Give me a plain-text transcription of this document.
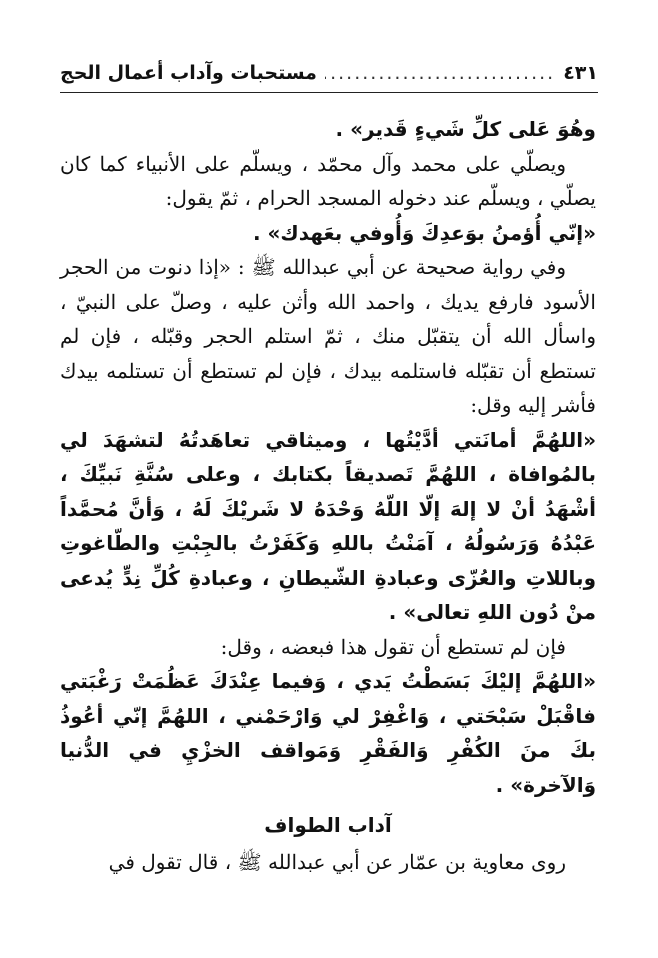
مستحبات وآداب أعمال الحج
.....	٤٣١

وهُوَ عَلى كلِّ شَيءٍ قَدير» .

ويصلّي على محمد وآل محمّد ، ويسلّم على الأنبياء كما كان يصلّي ، ويسلّم عند دخوله المسجد الحرام ، ثمّ يقول:

«إنّي أُؤمنُ بوَعدِكَ وَأُوفي بعَهدك» .

وفي رواية صحيحة عن أبي عبدالله ﷺ : «إذا دنوت من الحجر الأسود فارفع يديك ، واحمد الله وأثن عليه ، وصلّ على النبيّ ، واسأل الله أن يتقبّل منك ، ثمّ استلم الحجر وقبّله ، فإن لم تستطع أن تقبّله فاستلمه بيدك ، فإن لم تستطع أن تستلمه بيدك فأشر إليه وقل:

«اللهُمَّ أمانَتي أدَّيْتُها ، وميثاقي تعاهَدتُهُ لتشهَدَ لي بالمُوافاة ، اللهُمَّ تَصديقاً بكتابك ، وعلى سُنَّةِ نَبيِّكَ ، أشْهَدُ أنْ لا إلهَ إلّا اللّهُ وَحْدَهُ لا شَريْكَ لَهُ ، وَأنَّ مُحمَّداً عَبْدُهُ وَرَسُولُهُ ، آمَنْتُ باللهِ وَكَفَرْتُ بالجِبْتِ والطّاغوتِ وباللاتِ والعُزّى وعبادةِ الشّيطانِ ، وعبادةِ كُلِّ نِدٍّ يُدعى منْ دُون اللهِ تعالى» .

فإن لم تستطع أن تقول هذا فبعضه ، وقل:

«اللهُمَّ إليْكَ بَسَطْتُ يَدي ، وَفيما عِنْدَكَ عَظُمَتْ رَغْبَتي فاقْبَلْ سَبْحَتي ، وَاغْفِرْ لي وَارْحَمْني ، اللهُمَّ إنّي أعُوذُ بكَ منَ الكُفْرِ وَالفَقْرِ وَمَواقف الخزْيِ في الدُّنيا وَالآخرة» .

آداب الطواف

روى معاوية بن عمّار عن أبي عبدالله ﷺ ، قال تقول في
